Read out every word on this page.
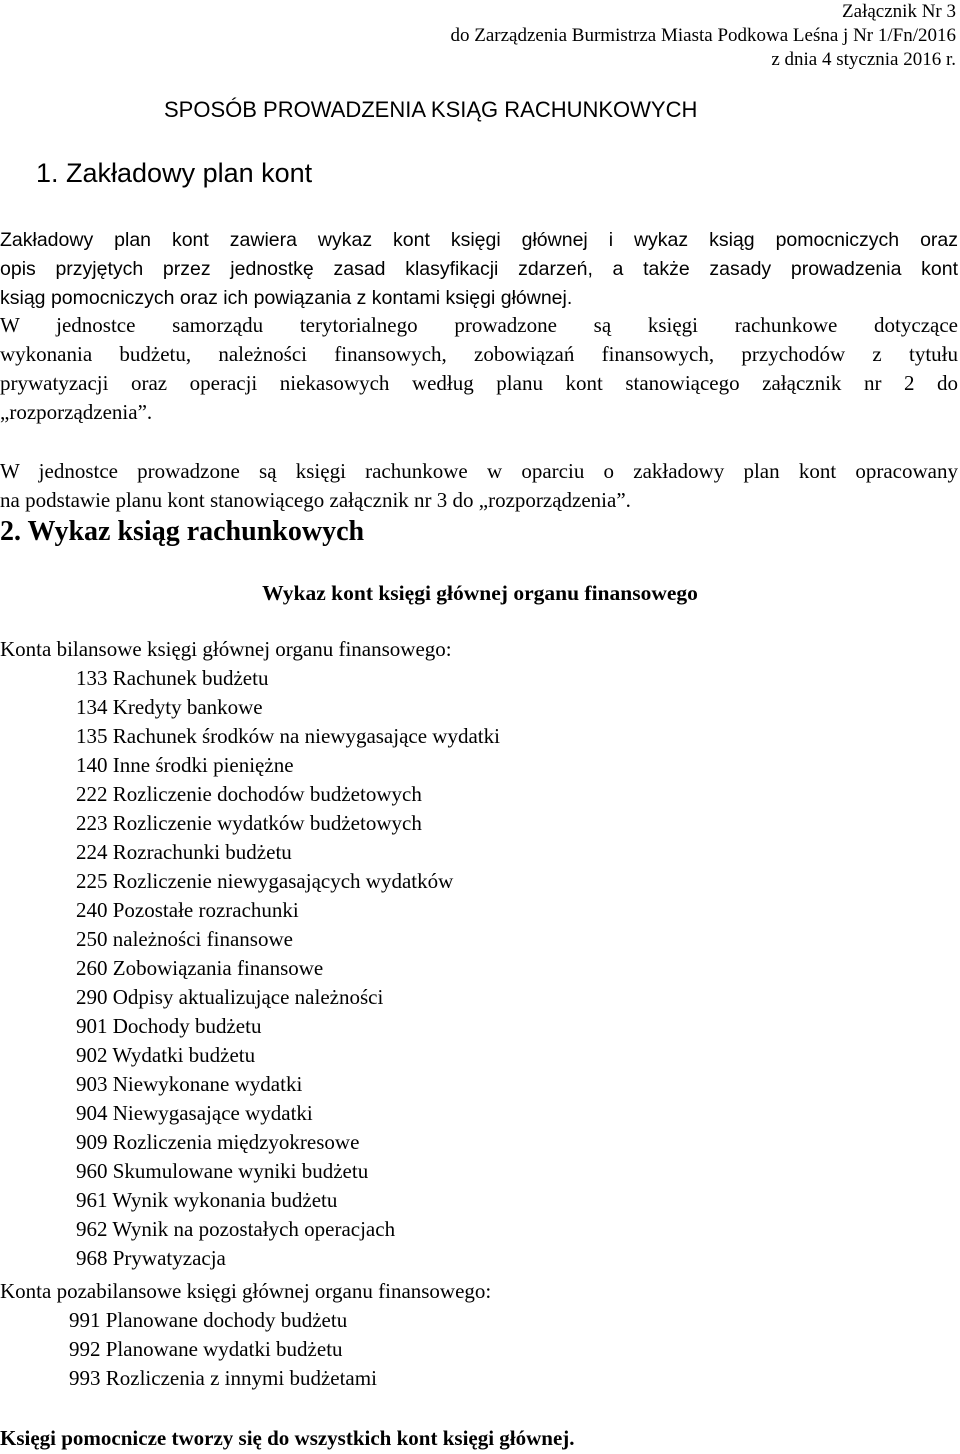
Załącznik Nr 3
do Zarządzenia Burmistrza Miasta Podkowa Leśna j Nr 1/Fn/2016
z dnia 4 stycznia 2016 r.
SPOSÓB PROWADZENIA KSIĄG RACHUNKOWYCH
1. Zakładowy plan kont
Zakładowy plan kont zawiera wykaz kont księgi głównej i wykaz ksiąg pomocniczych oraz
opis przyjętych przez jednostkę zasad klasyfikacji zdarzeń, a także zasady prowadzenia kont
ksiąg pomocniczych oraz ich powiązania z kontami księgi głównej.
W jednostce samorządu terytorialnego prowadzone są księgi rachunkowe dotyczące
wykonania budżetu, należności finansowych, zobowiązań finansowych, przychodów z tytułu
prywatyzacji oraz operacji niekasowych według planu kont stanowiącego załącznik nr 2 do
„rozporządzenia”.
W jednostce prowadzone są księgi rachunkowe w oparciu o zakładowy plan kont opracowany
na podstawie planu kont stanowiącego załącznik nr 3 do „rozporządzenia”.
2. Wykaz ksiąg rachunkowych
Wykaz kont księgi głównej organu finansowego
Konta bilansowe księgi głównej organu finansowego:
133 Rachunek budżetu
134 Kredyty bankowe
135 Rachunek środków na niewygasające wydatki
140 Inne środki pieniężne
222 Rozliczenie dochodów budżetowych
223 Rozliczenie wydatków budżetowych
224 Rozrachunki budżetu
225 Rozliczenie niewygasających wydatków
240 Pozostałe rozrachunki
250 należności finansowe
260 Zobowiązania finansowe
290 Odpisy aktualizujące należności
901 Dochody budżetu
902 Wydatki budżetu
903 Niewykonane wydatki
904 Niewygasające wydatki
909 Rozliczenia międzyokresowe
960 Skumulowane wyniki budżetu
961 Wynik wykonania budżetu
962 Wynik na pozostałych operacjach
968 Prywatyzacja
Konta pozabilansowe księgi głównej organu finansowego:
991 Planowane dochody budżetu
992 Planowane wydatki budżetu
993 Rozliczenia z innymi budżetami
Księgi pomocnicze tworzy się do wszystkich kont księgi głównej.
